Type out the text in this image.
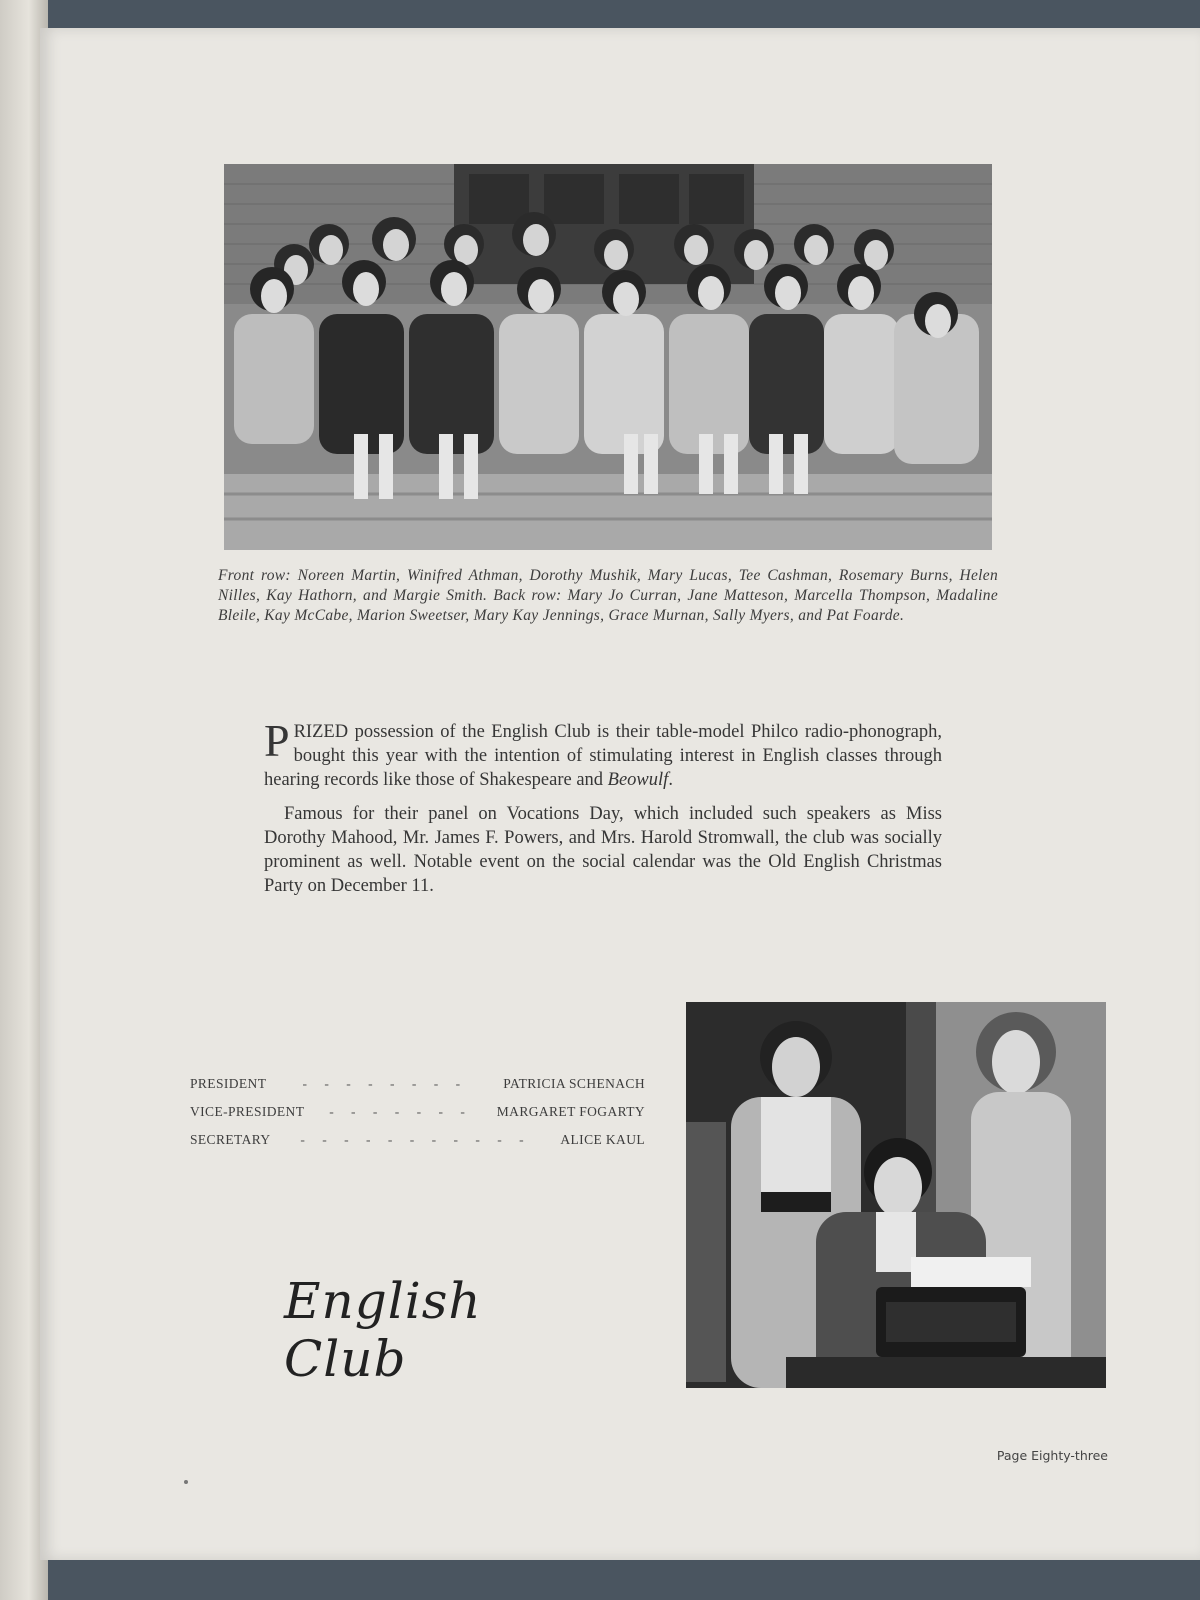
Front row: Noreen Martin, Winifred Athman, Dorothy Mushik, Mary Lucas, Tee Cashman, Rosemary Burns, Helen Nilles, Kay Hathorn, and Margie Smith. Back row: Mary Jo Curran, Jane Matteson, Marcella Thompson, Madaline Bleile, Kay McCabe, Marion Sweetser, Mary Kay Jennings, Grace Murnan, Sally Myers, and Pat Foarde.

PRIZED possession of the English Club is their table-model Philco radio-phonograph, bought this year with the intention of stimulating interest in English classes through hearing records like those of Shakespeare and Beowulf.

Famous for their panel on Vocations Day, which included such speakers as Miss Dorothy Mahood, Mr. James F. Powers, and Mrs. Harold Stromwall, the club was socially prominent as well. Notable event on the social calendar was the Old English Christmas Party on December 11.

PRESIDENT	- - - - - - - -	PATRICIA SCHENACH
VICE-PRESIDENT	- - - - - - -	MARGARET FOGARTY
SECRETARY	- - - - - - - - - - -	ALICE KAUL
English Club
Page Eighty-three
